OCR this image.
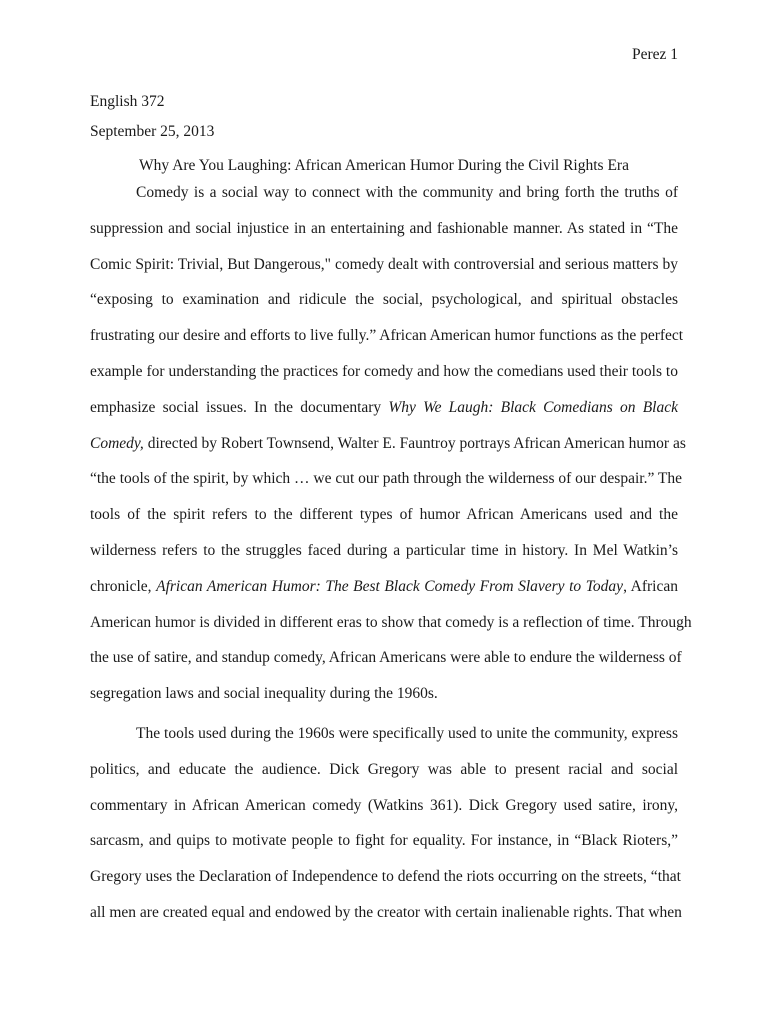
Perez 1
English 372
September 25, 2013
Why Are You Laughing: African American Humor During the Civil Rights Era
Comedy is a social way to connect with the community and bring forth the truths of
suppression and social injustice in an entertaining and fashionable manner. As stated in “The
Comic Spirit: Trivial, But Dangerous," comedy dealt with controversial and serious matters by
“exposing to examination and ridicule the social, psychological, and spiritual obstacles
frustrating our desire and efforts to live fully.” African American humor functions as the perfect
example for understanding the practices for comedy and how the comedians used their tools to
emphasize social issues. In the documentary Why We Laugh: Black Comedians on Black
Comedy, directed by Robert Townsend, Walter E. Fauntroy portrays African American humor as
“the tools of the spirit, by which … we cut our path through the wilderness of our despair.” The
tools of the spirit refers to the different types of humor African Americans used and the
wilderness refers to the struggles faced during a particular time in history. In Mel Watkin’s
chronicle, African American Humor: The Best Black Comedy From Slavery to Today, African
American humor is divided in different eras to show that comedy is a reflection of time. Through
the use of satire, and standup comedy, African Americans were able to endure the wilderness of
segregation laws and social inequality during the 1960s.
The tools used during the 1960s were specifically used to unite the community, express
politics, and educate the audience. Dick Gregory was able to present racial and social
commentary in African American comedy (Watkins 361). Dick Gregory used satire, irony,
sarcasm, and quips to motivate people to fight for equality. For instance, in “Black Rioters,”
Gregory uses the Declaration of Independence to defend the riots occurring on the streets, “that
all men are created equal and endowed by the creator with certain inalienable rights. That when
